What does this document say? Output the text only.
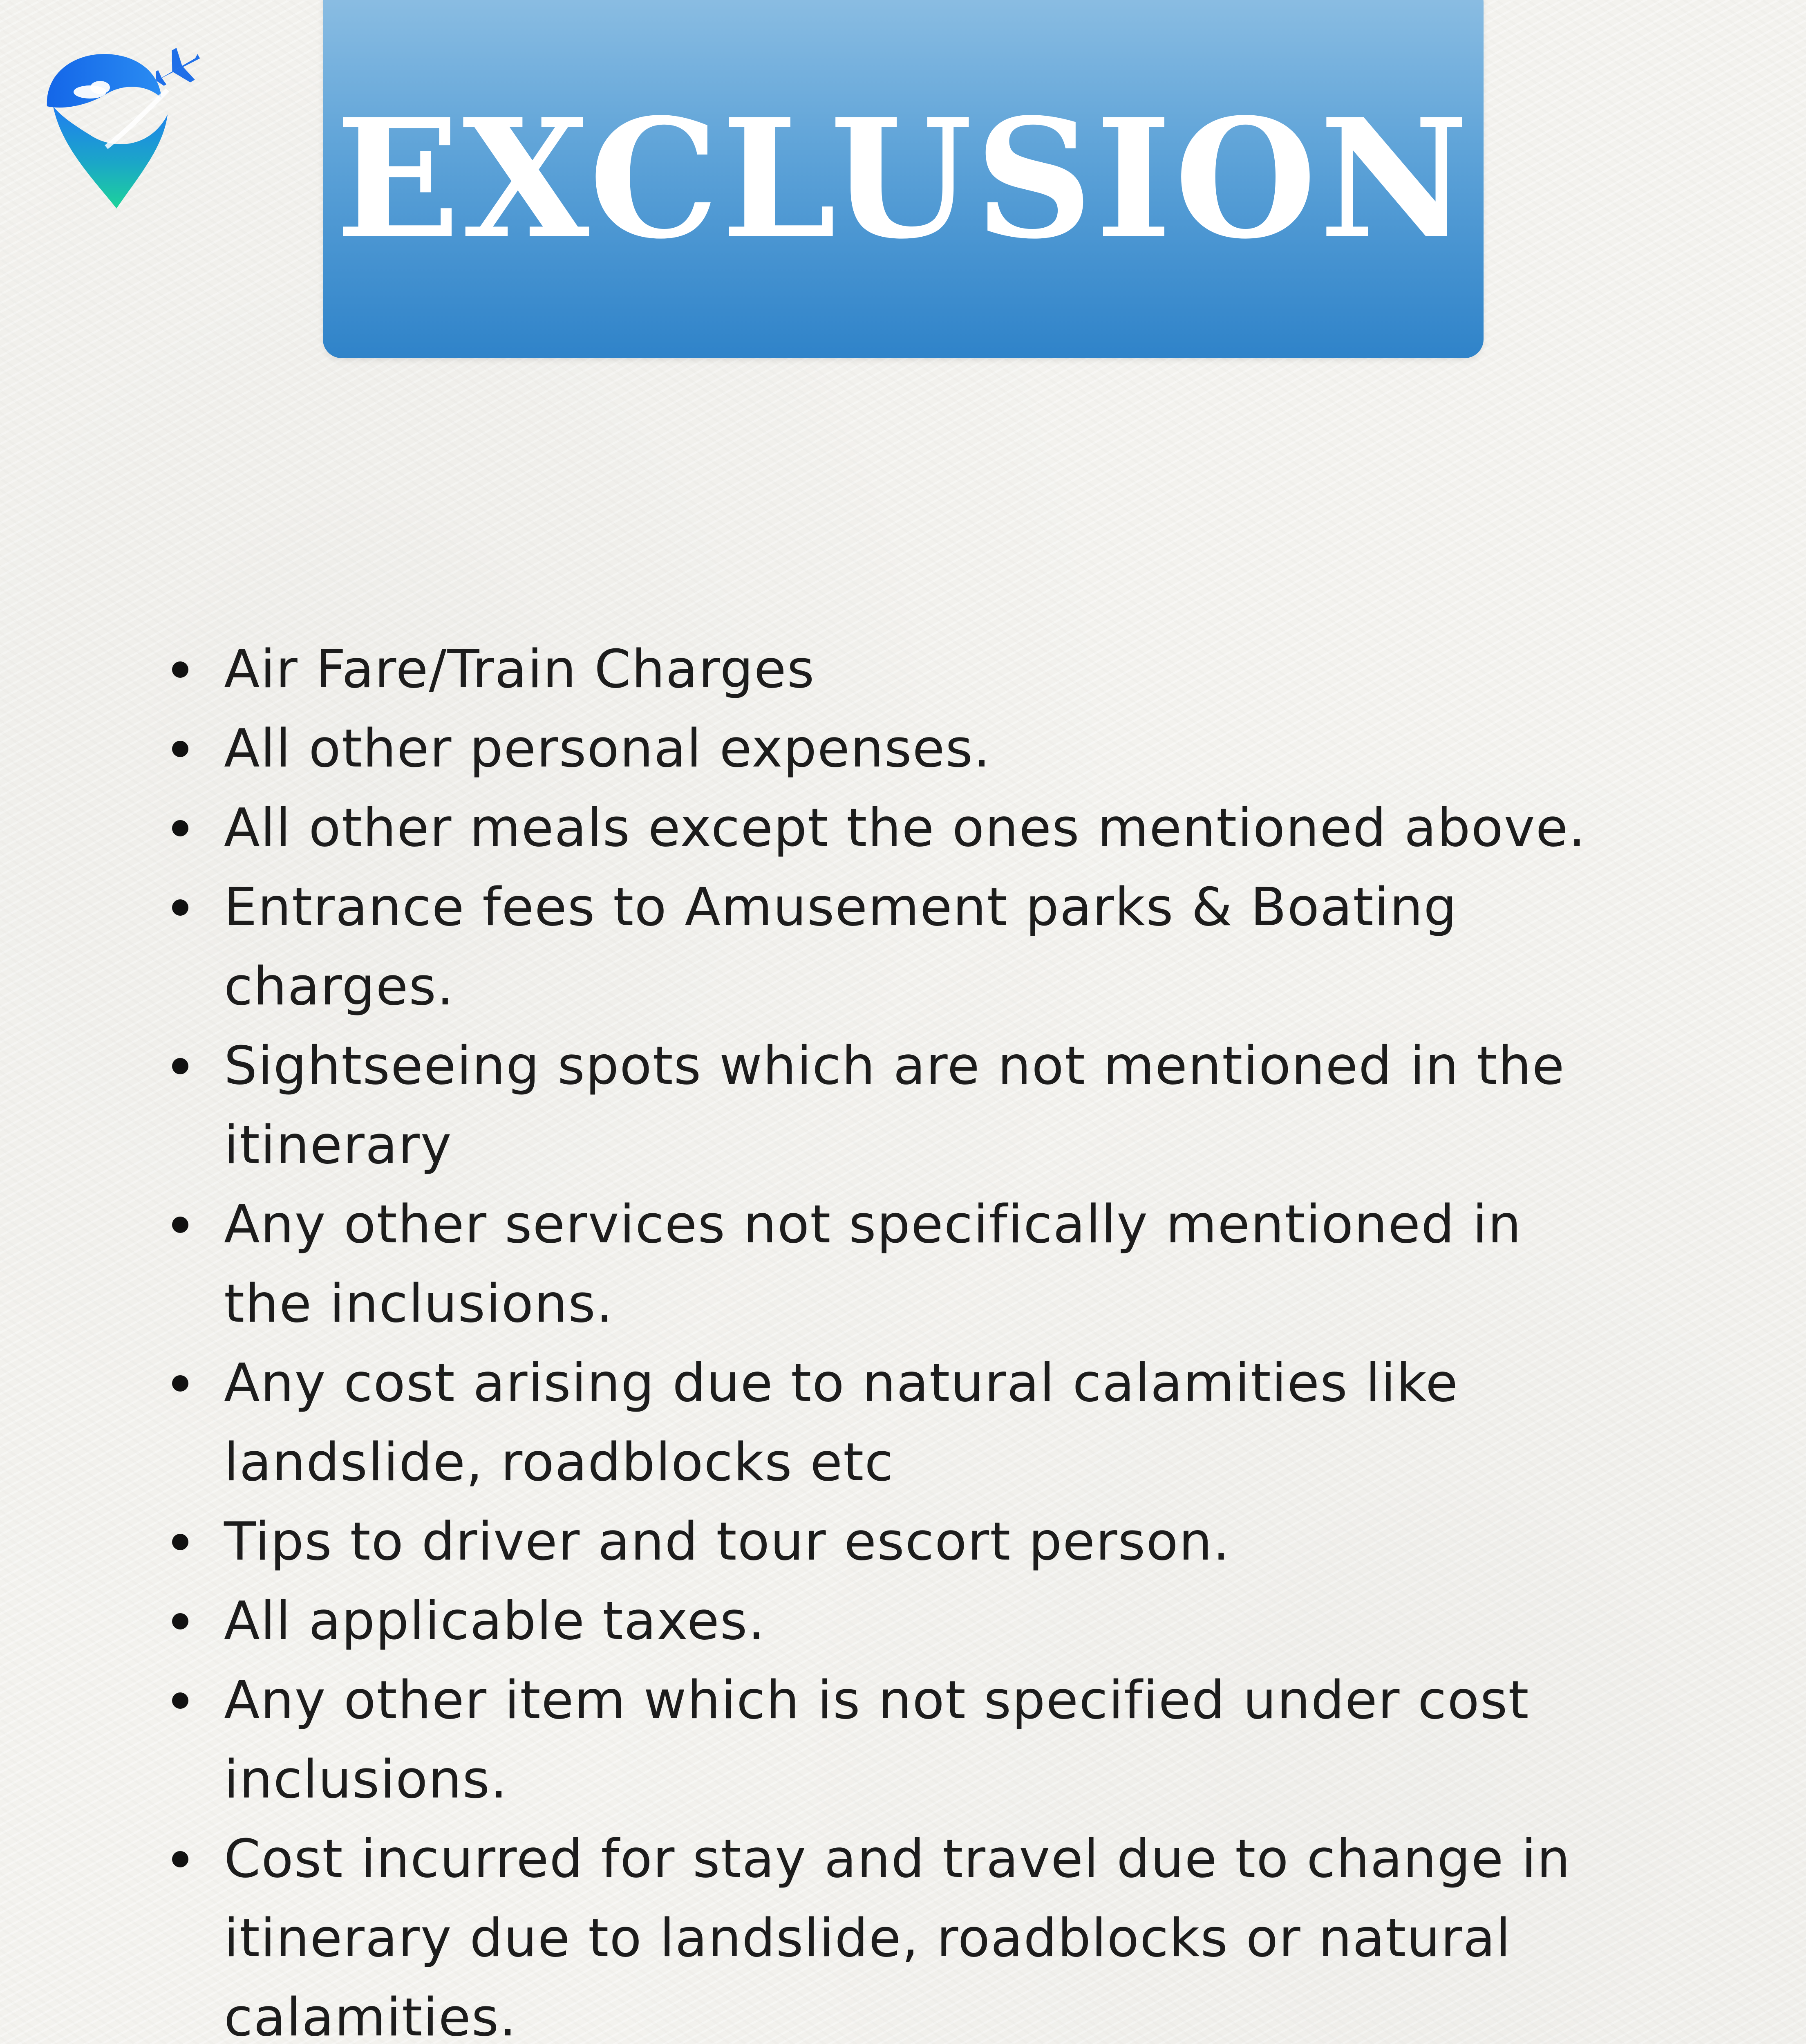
EXCLUSION
Air Fare/Train Charges
All other personal expenses.
All other meals except the ones mentioned above.
Entrance fees to Amusement parks & Boating
charges.
Sightseeing spots which are not mentioned in the
itinerary
Any other services not specifically mentioned in
the inclusions.
Any cost arising due to natural calamities like
landslide, roadblocks etc
Tips to driver and tour escort person.
All applicable taxes.
Any other item which is not specified under cost
inclusions.
Cost incurred for stay and travel due to change in
itinerary due to landslide, roadblocks or natural
calamities.
